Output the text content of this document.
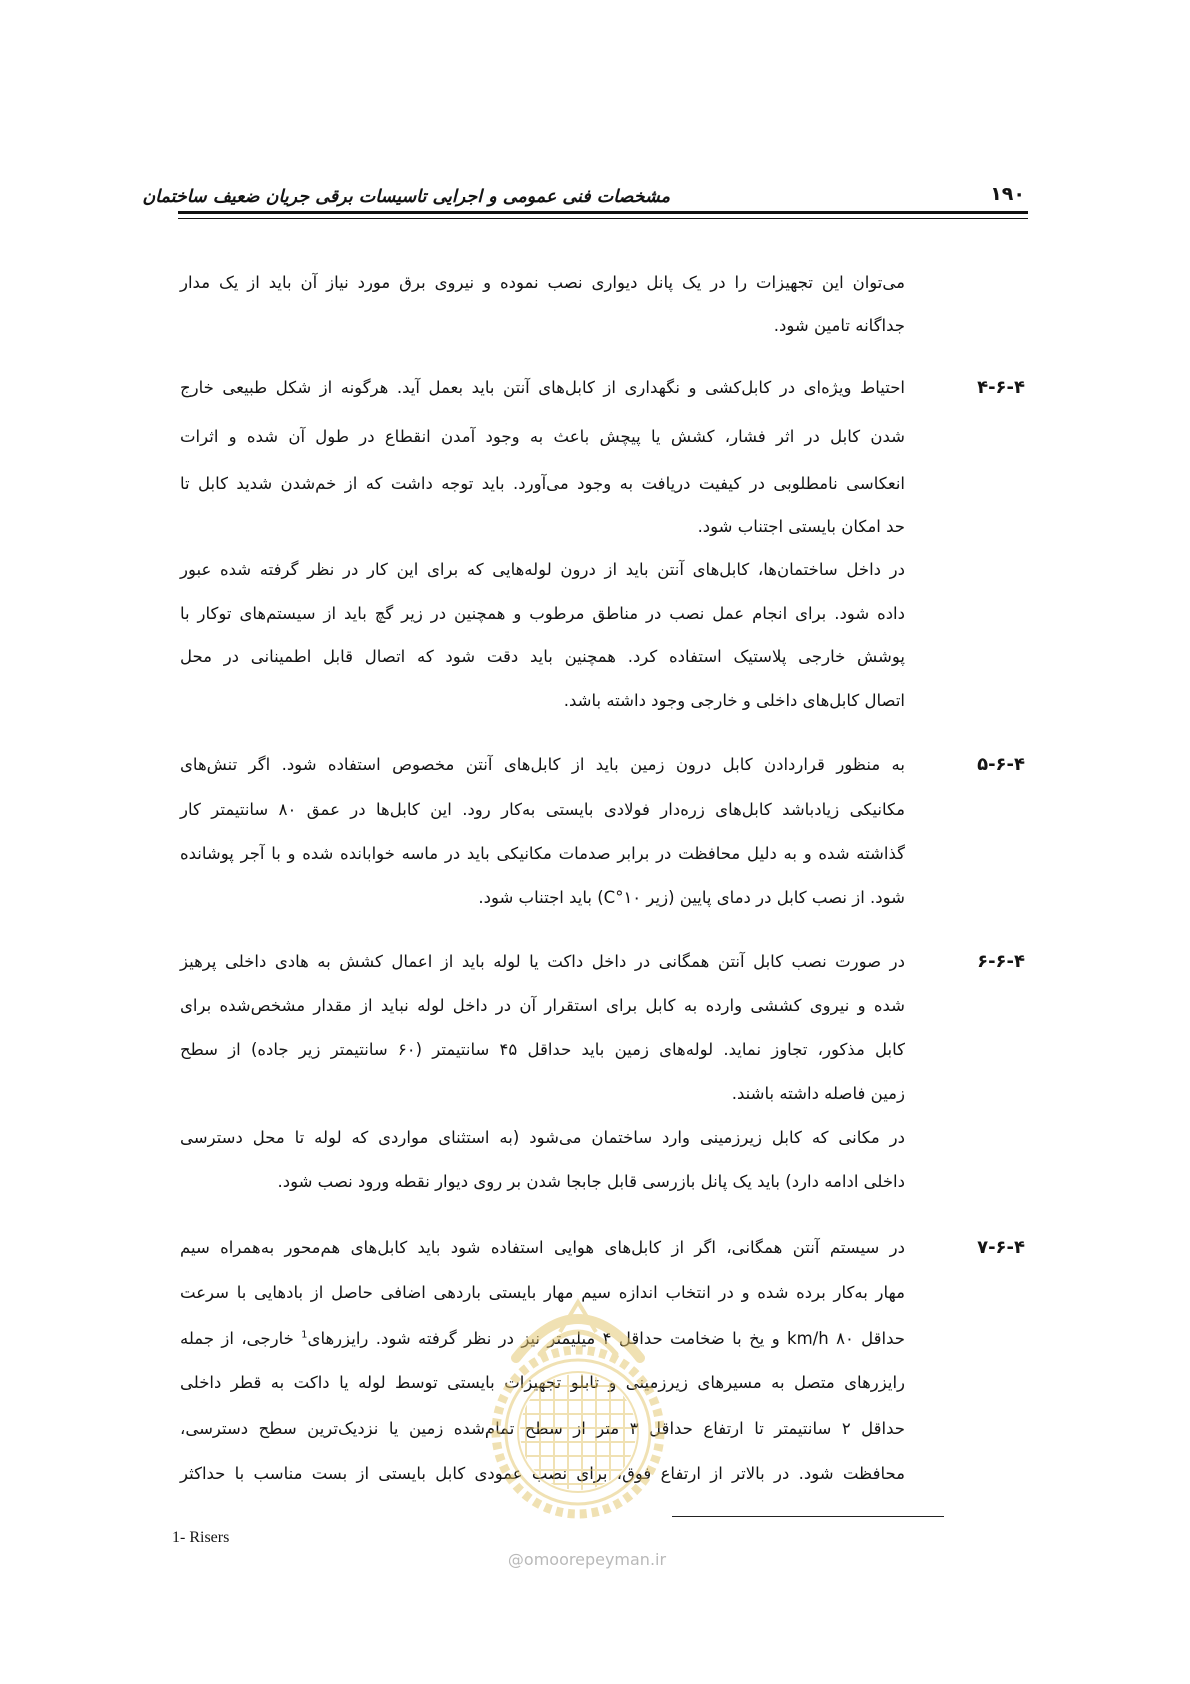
۱۹۰
مشخصات فنی عمومی و اجرایی تاسیسات برقی جریان ضعیف ساختمان
می‌توان این تجهیزات را در یک پانل دیواری نصب نموده و نیروی برق مورد نیاز آن باید از یک مدار
جداگانه تامین شود.
۴-۶-۴
احتیاط ویژه‌ای در کابل‌کشی و نگهداری از کابل‌های آنتن باید بعمل آید. هرگونه از شکل طبیعی خارج
شدن کابل در اثر فشار، کشش یا پیچش باعث به وجود آمدن انقطاع در طول آن شده و اثرات
انعکاسی نامطلوبی در کیفیت دریافت به وجود می‌آورد. باید توجه داشت که از خم‌شدن شدید کابل تا
حد امکان بایستی اجتناب شود.
در داخل ساختمان‌ها، کابل‌های آنتن باید از درون لوله‌هایی که برای این کار در نظر گرفته شده عبور
داده شود. برای انجام عمل نصب در مناطق مرطوب و همچنین در زیر گچ باید از سیستم‌های توکار با
پوشش خارجی پلاستیک استفاده کرد. همچنین باید دقت شود که اتصال قابل اطمینانی در محل
اتصال کابل‌های داخلی و خارجی وجود داشته باشد.
۴-۶-۵
به منظور قراردادن کابل درون زمین باید از کابل‌های آنتن مخصوص استفاده شود. اگر تنش‌های
مکانیکی زیادباشد کابل‌های زره‌دار فولادی بایستی به‌کار رود. این کابل‌ها در عمق ۸۰ سانتیمتر کار
گذاشته شده و به دلیل محافظت در برابر صدمات مکانیکی باید در ماسه خوابانده شده و با آجر پوشانده
شود. از نصب کابل در دمای پایین (زیر ۱۰°C) باید اجتناب شود.
۴-۶-۶
در صورت نصب کابل آنتن همگانی در داخل داکت یا لوله باید از اعمال کشش به هادی داخلی پرهیز
شده و نیروی کششی وارده به کابل برای استقرار آن در داخل لوله نباید از مقدار مشخص‌شده برای
کابل مذکور، تجاوز نماید. لوله‌های زمین باید حداقل ۴۵ سانتیمتر (۶۰ سانتیمتر زیر جاده) از سطح
زمین فاصله داشته باشند.
در مکانی که کابل زیرزمینی وارد ساختمان می‌شود (به استثنای مواردی که لوله تا محل دسترسی
داخلی ادامه دارد) باید یک پانل بازرسی قابل جابجا شدن بر روی دیوار نقطه ورود نصب شود.
۴-۶-۷
در سیستم آنتن همگانی، اگر از کابل‌های هوایی استفاده شود باید کابل‌های هم‌محور به‌همراه سیم
مهار به‌کار برده شده و در انتخاب اندازه سیم مهار بایستی باردهی اضافی حاصل از بادهایی با سرعت
حداقل ۸۰ km/h و یخ با ضخامت حداقل ۴ میلیمتر نیز در نظر گرفته شود. رایزرهای$^1$ خارجی، از جمله
رایزرهای متصل به مسیرهای زیرزمینی و تابلو تجهیزات بایستی توسط لوله یا داکت به قطر داخلی
حداقل ۲ سانتیمتر تا ارتفاع حداقل ۳ متر از سطح تمام‌شده زمین یا نزدیک‌ترین سطح دسترسی،
محافظت شود. در بالاتر از ارتفاع فوق، برای نصب عمودی کابل بایستی از بست مناسب با حداکثر
@omoorepeyman.ir
1- Risers
